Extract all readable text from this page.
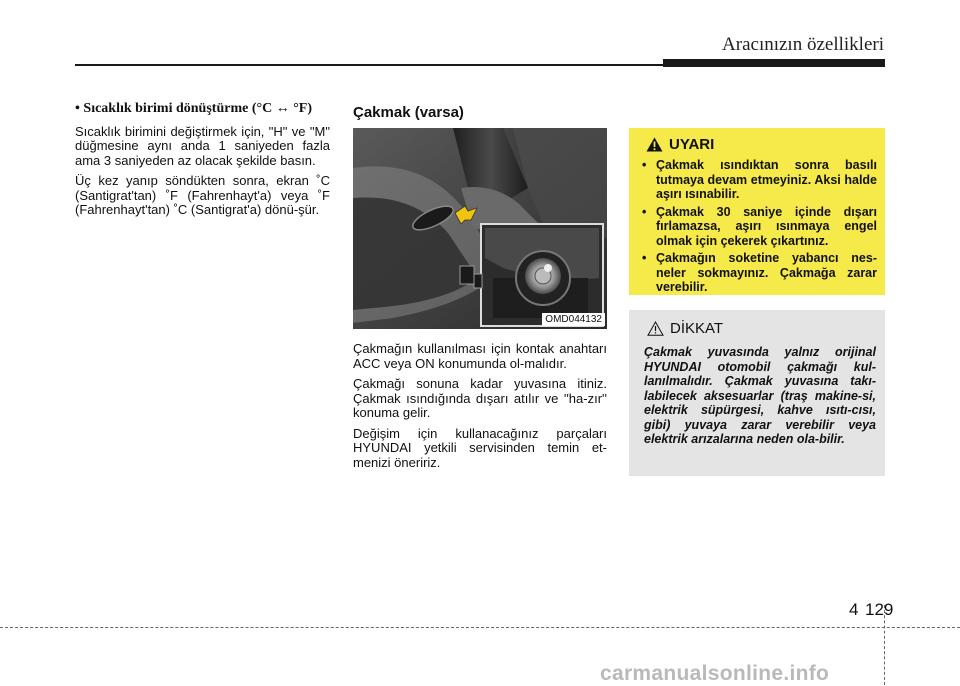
Aracınızın özellikleri
• Sıcaklık birimi dönüştürme (°C ↔ °F)

Sıcaklık birimini değiştirmek için, "H" ve "M" düğmesine aynı anda 1 saniyeden fazla ama 3 saniyeden az olacak şekilde basın.

Üç kez yanıp söndükten sonra, ekran ˚C (Santigrat'tan) ˚F (Fahrenhayt'a) veya ˚F (Fahrenhayt'tan) ˚C (Santigrat'a) dönü-şür.

Çakmak (varsa)
OMD044132

Çakmağın kullanılması için kontak anahtarı ACC veya ON konumunda ol-malıdır.

Çakmağı sonuna kadar yuvasına itiniz. Çakmak ısındığında dışarı atılır ve ''ha-zır'' konuma gelir.

Değişim için kullanacağınız parçaları HYUNDAI yetkili servisinden temin et-menizi öneririz.

UYARI
• Çakmak ısındıktan sonra basılı tutmaya devam etmeyiniz. Aksi halde aşırı ısınabilir.
• Çakmak 30 saniye içinde dışarı fırlamazsa, aşırı ısınmaya engel olmak için çekerek çıkartınız.
• Çakmağın soketine yabancı nes-neler sokmayınız. Çakmağa zarar verebilir.
DİKKAT
Çakmak yuvasında yalnız orijinal HYUNDAI otomobil çakmağı kul-lanılmalıdır. Çakmak yuvasına takı-labilecek aksesuarlar (traş makine-si, elektrik süpürgesi, kahve ısıtı-cısı, gibi) yuvaya zarar verebilir veya elektrik arızalarına neden ola-bilir.
4 129
carmanualsonline.info
